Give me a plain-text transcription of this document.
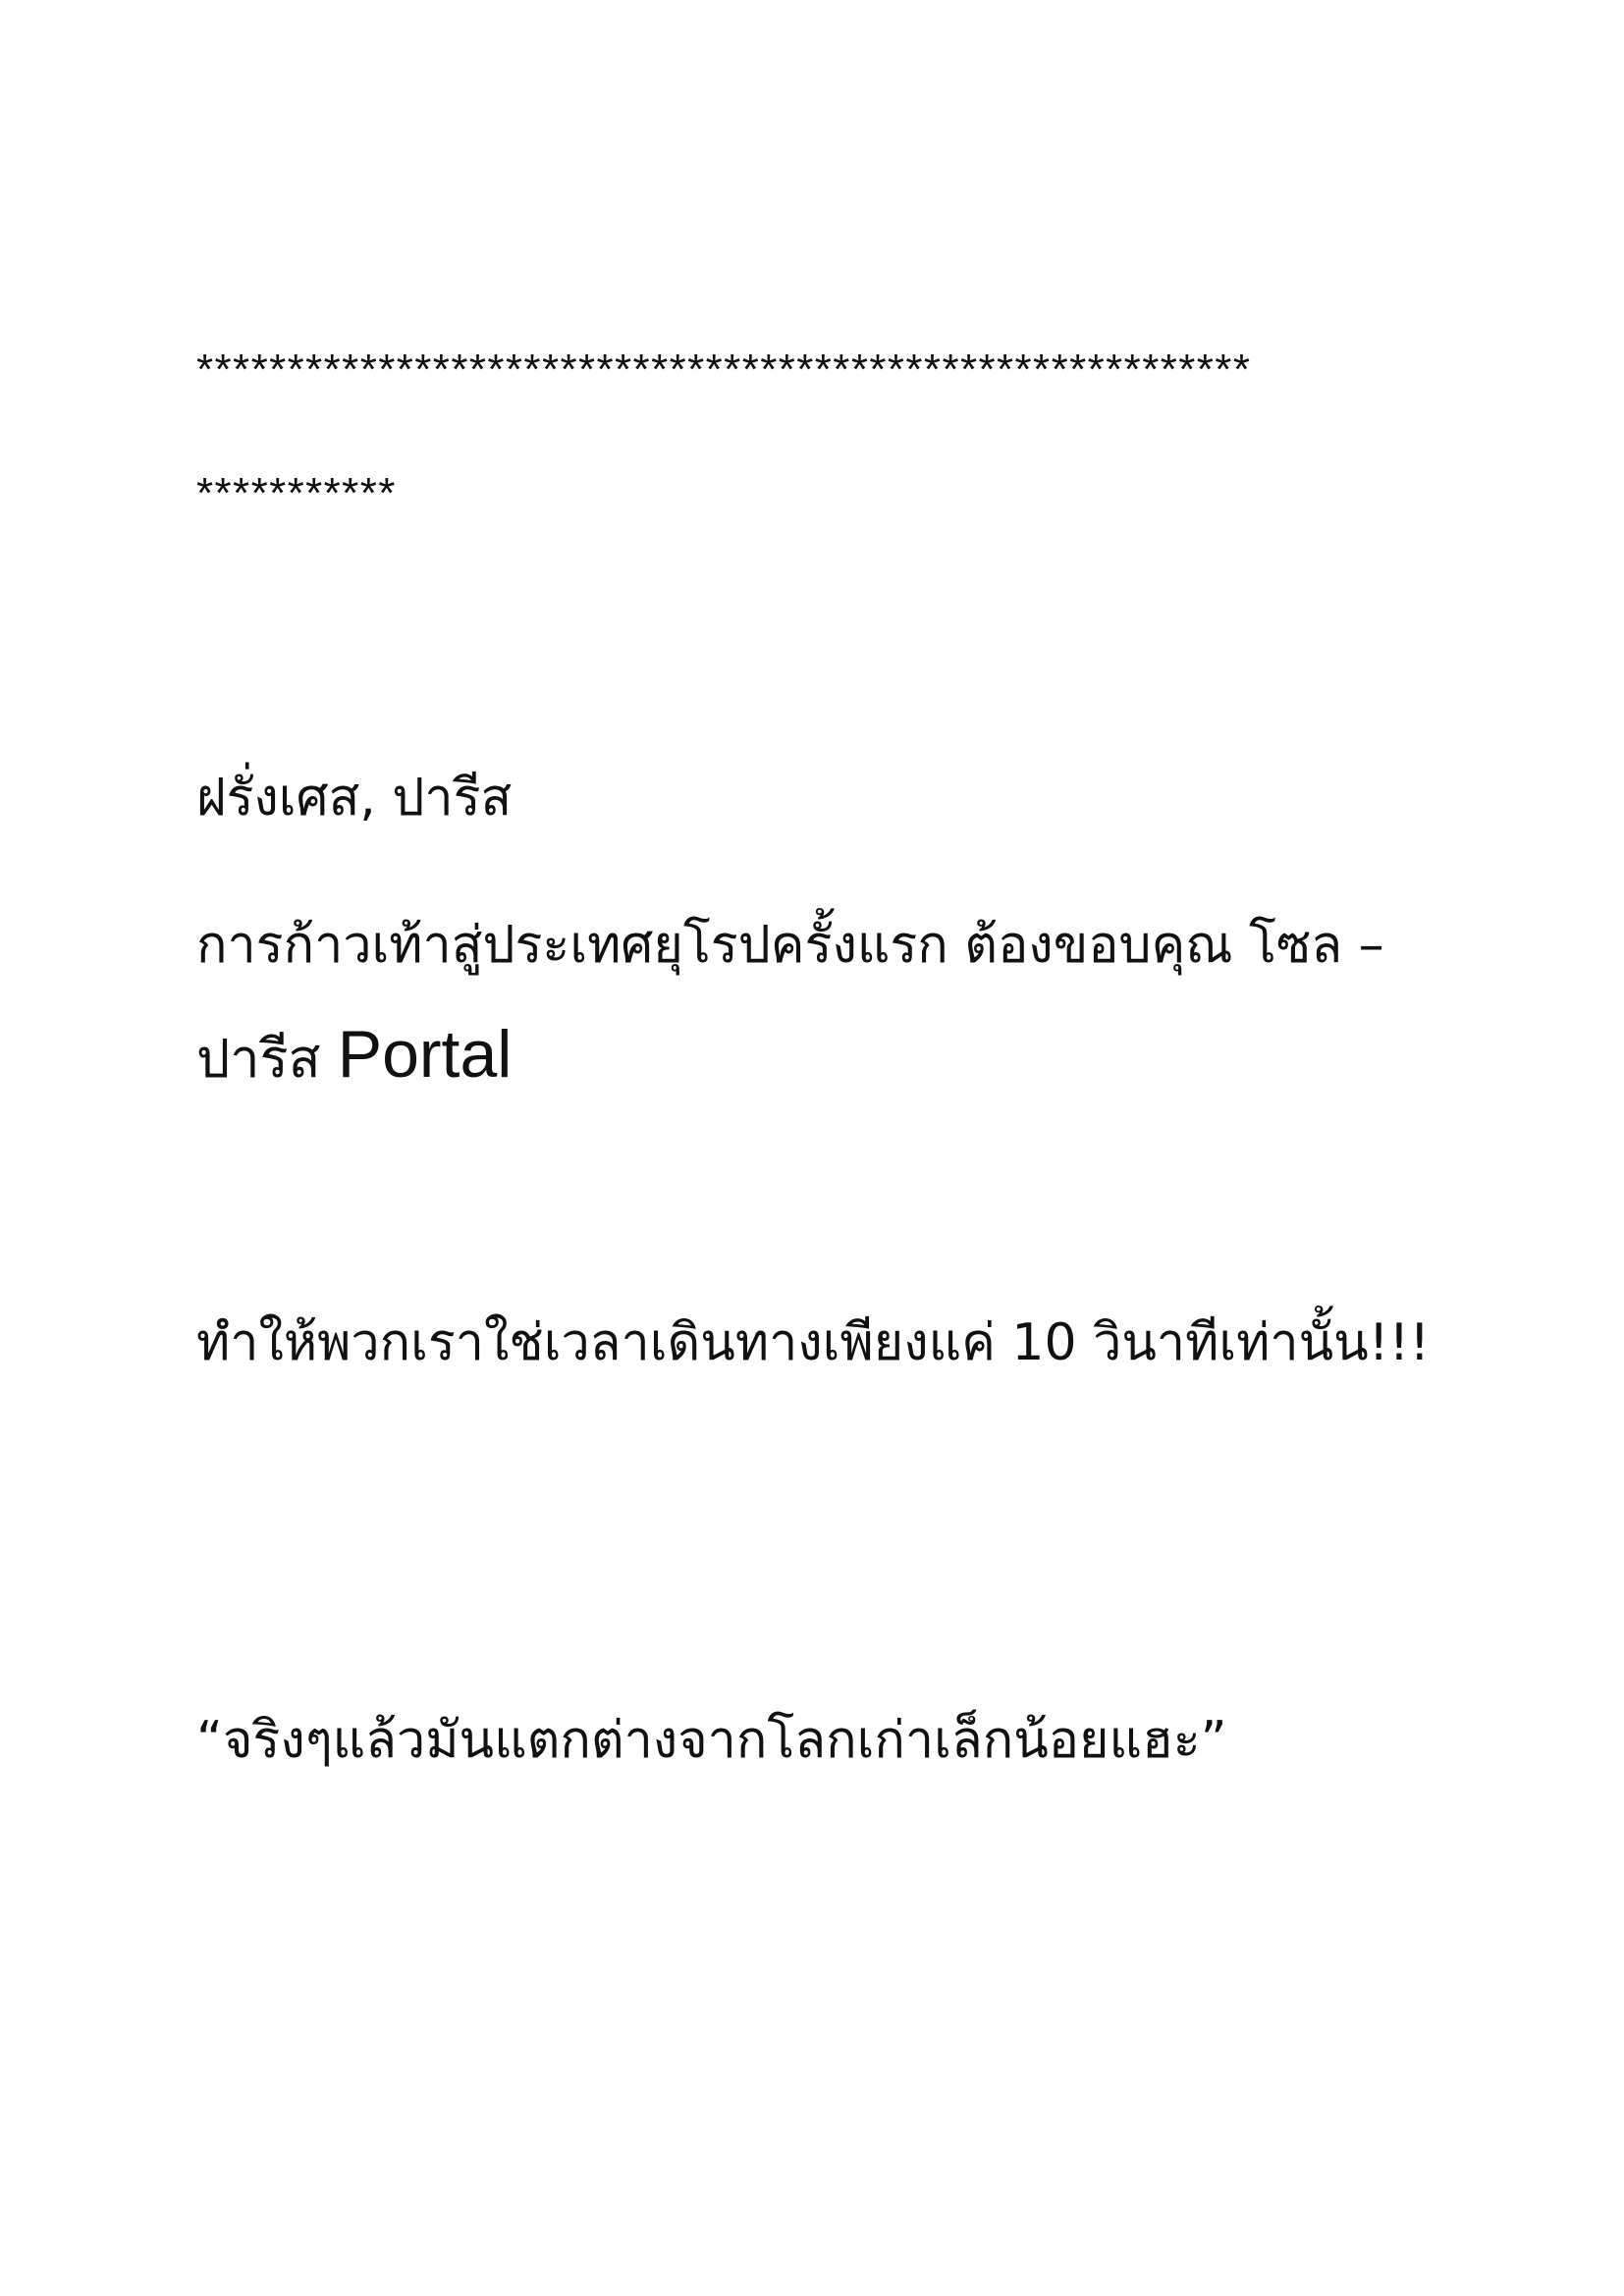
**********************************************************
***********
ฝรั่งเศส, ปารีส
การก้าวเท้าสู่ประเทศยุโรปครั้งแรก ต้องขอบคุณ โซล –
ปารีส Portal
ทำให้พวกเราใช่เวลาเดินทางเพียงแค่ 10 วินาทีเท่านั้น!!!
“จริงๆแล้วมันแตกต่างจากโลกเก่าเล็กน้อยแฮะ”
